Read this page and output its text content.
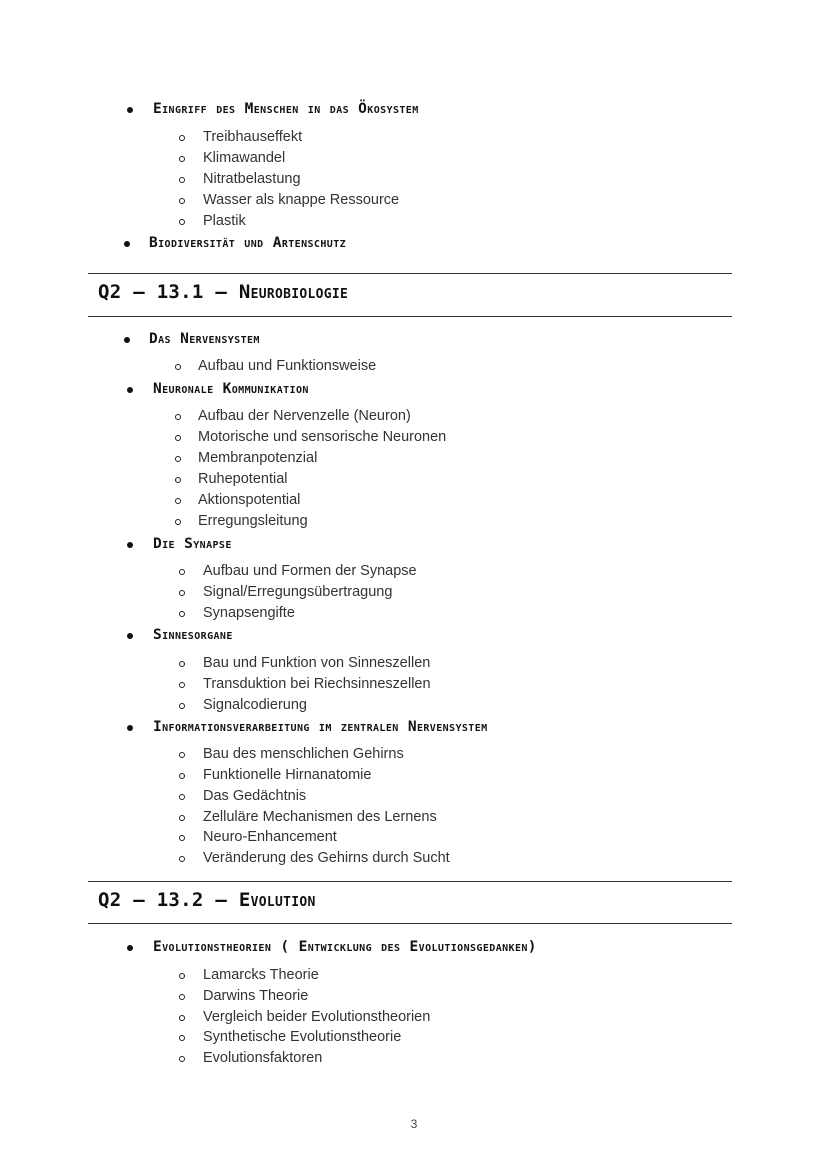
Eingriff des Menschen in das Ökosystem
Treibhauseffekt
Klimawandel
Nitratbelastung
Wasser als knappe Ressource
Plastik
Biodiversität und Artenschutz
Q2 – 13.1 – Neurobiologie
Das Nervensystem
Aufbau und Funktionsweise
Neuronale Kommunikation
Aufbau der Nervenzelle (Neuron)
Motorische und sensorische Neuronen
Membranpotenzial
Ruhepotential
Aktionspotential
Erregungsleitung
Die Synapse
Aufbau und Formen der Synapse
Signal/Erregungsübertragung
Synapsengifte
Sinnesorgane
Bau und Funktion von Sinneszellen
Transduktion bei Riechsinneszellen
Signalcodierung
Informationsverarbeitung im zentralen Nervensystem
Bau des menschlichen Gehirns
Funktionelle Hirnanatomie
Das Gedächtnis
Zelluläre Mechanismen des Lernens
Neuro-Enhancement
Veränderung des Gehirns durch Sucht
Q2 – 13.2 – Evolution
Evolutionstheorien ( Entwicklung des Evolutionsgedanken)
Lamarcks Theorie
Darwins Theorie
Vergleich beider Evolutionstheorien
Synthetische Evolutionstheorie
Evolutionsfaktoren
3
